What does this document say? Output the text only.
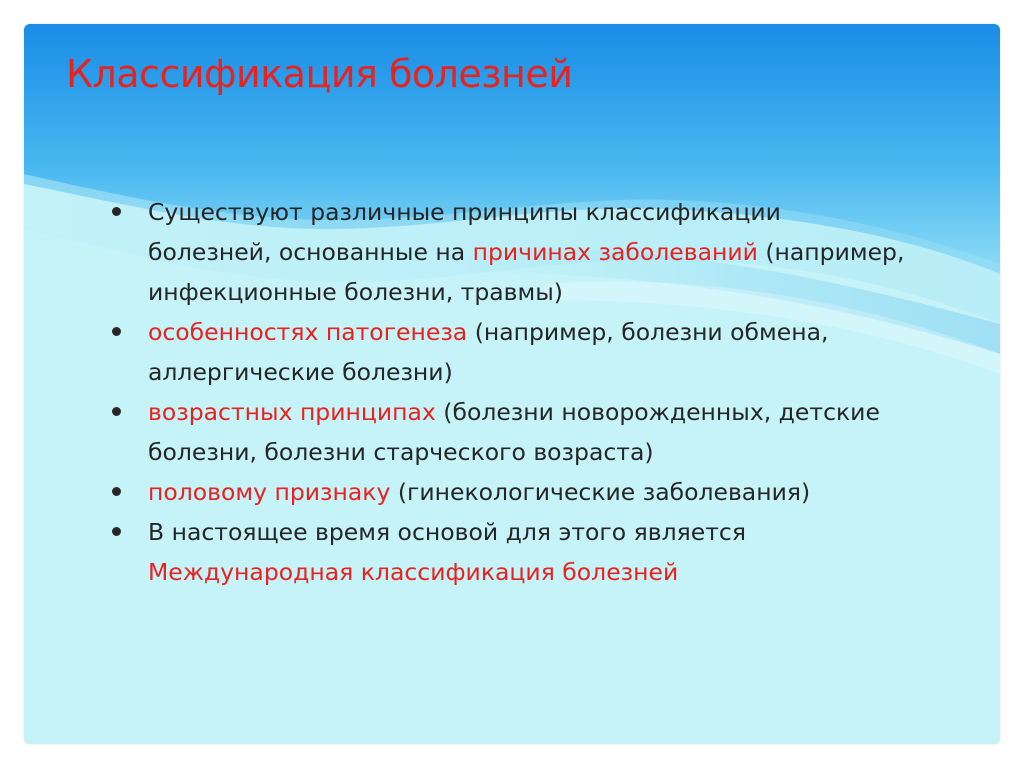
Классификация болезней
Существуют различные принципы классификации болезней, основанные на причинах заболеваний (например, инфекционные болезни, травмы)
особенностях патогенеза (например, болезни обмена, аллергические болезни)
возрастных принципах (болезни новорожденных, детские болезни, болезни старческого возраста)
половому признаку (гинекологические заболевания)
В настоящее время основой для этого является Международная классификация болезней
